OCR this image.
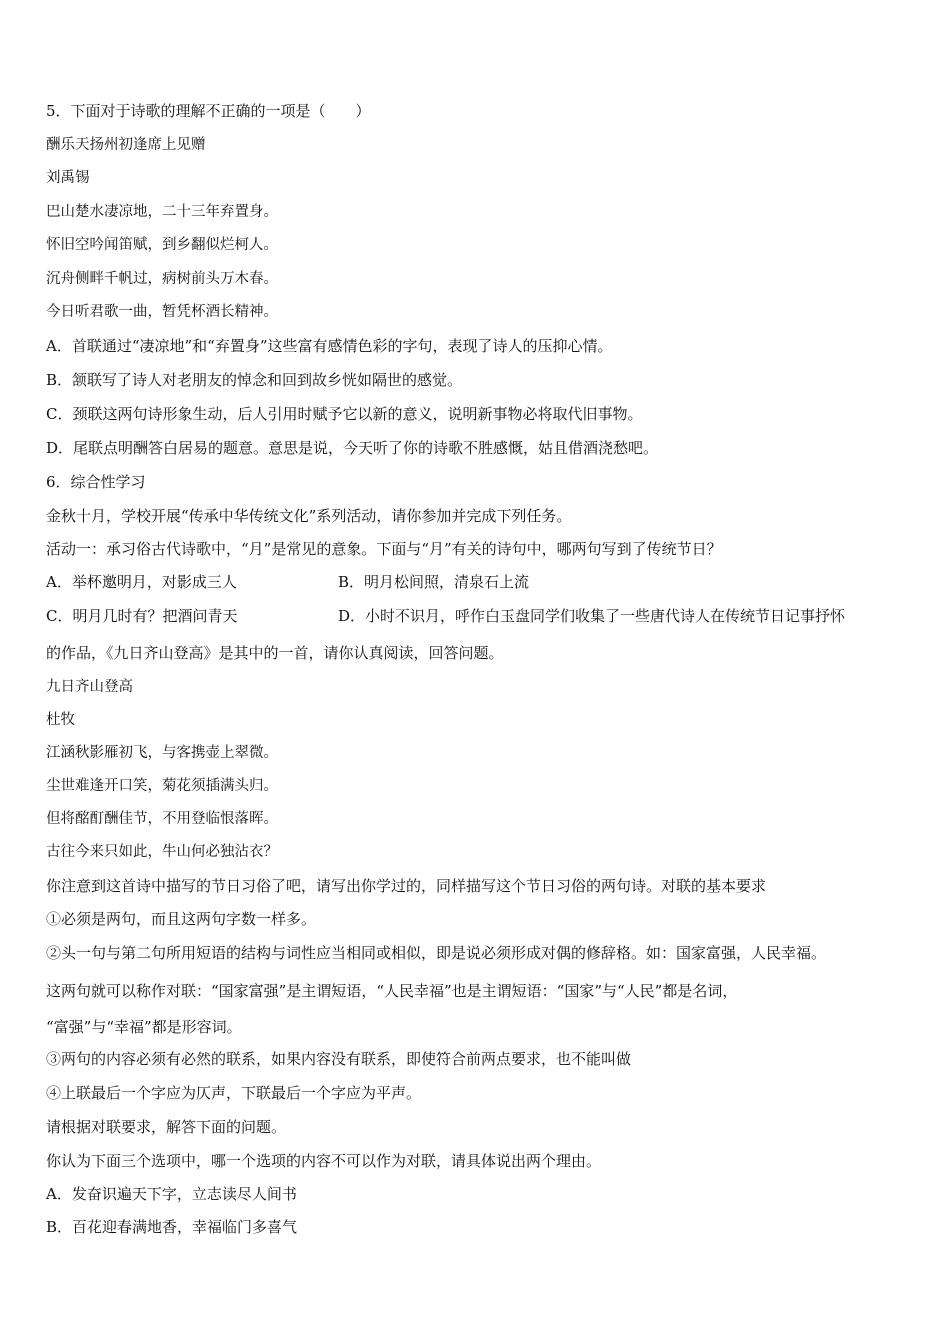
5．下面对于诗歌的理解不正确的一项是（　　）

酬乐天扬州初逢席上见赠

刘禹锡

巴山楚水凄凉地，二十三年弃置身。

怀旧空吟闻笛赋，到乡翻似烂柯人。

沉舟侧畔千帆过，病树前头万木春。

今日听君歌一曲，暂凭杯酒长精神。

A．首联通过“凄凉地”和“弃置身”这些富有感情色彩的字句，表现了诗人的压抑心情。

B．颔联写了诗人对老朋友的悼念和回到故乡恍如隔世的感觉。

C．颈联这两句诗形象生动，后人引用时赋予它以新的意义，说明新事物必将取代旧事物。

D．尾联点明酬答白居易的题意。意思是说，今天听了你的诗歌不胜感慨，姑且借酒浇愁吧。

6．综合性学习

金秋十月，学校开展“传承中华传统文化”系列活动，请你参加并完成下列任务。

活动一：承习俗古代诗歌中，“月”是常见的意象。下面与“月”有关的诗句中，哪两句写到了传统节日？

A．举杯邀明月，对影成三人	B．明月松间照，清泉石上流

C．明月几时有？把酒问青天	D．小时不识月，呼作白玉盘同学们收集了一些唐代诗人在传统节日记事抒怀

的作品，《九日齐山登高》是其中的一首，请你认真阅读，回答问题。

九日齐山登高

杜牧

江涵秋影雁初飞，与客携壶上翠微。

尘世难逢开口笑，菊花须插满头归。

但将酩酊酬佳节，不用登临恨落晖。

古往今来只如此，牛山何必独沾衣？

你注意到这首诗中描写的节日习俗了吧，请写出你学过的，同样描写这个节日习俗的两句诗。对联的基本要求

①必须是两句，而且这两句字数一样多。

②头一句与第二句所用短语的结构与词性应当相同或相似，即是说必须形成对偶的修辞格。如：国家富强，人民幸福。

这两句就可以称作对联：“国家富强”是主谓短语，“人民幸福”也是主谓短语：“国家”与“人民”都是名词，

“富强”与“幸福”都是形容词。

③两句的内容必须有必然的联系，如果内容没有联系，即使符合前两点要求，也不能叫做

④上联最后一个字应为仄声，下联最后一个字应为平声。

请根据对联要求，解答下面的问题。

你认为下面三个选项中，哪一个选项的内容不可以作为对联，请具体说出两个理由。

A．发奋识遍天下字，立志读尽人间书

B．百花迎春满地香，幸福临门多喜气
